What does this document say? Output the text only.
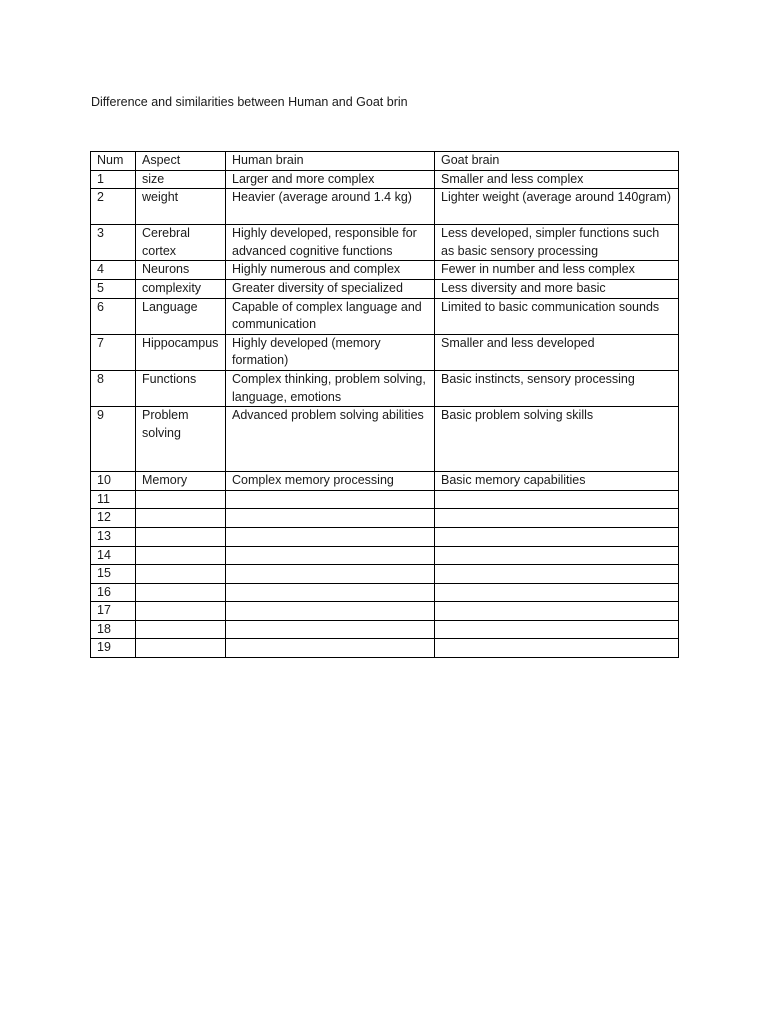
Difference and similarities between Human and Goat brin
Num	Aspect	Human brain	Goat brain
1	size	Larger and more complex	Smaller and less complex
2	weight	Heavier (average around 1.4 kg)	Lighter weight (average around 140gram)
3	Cerebral cortex	Highly developed, responsible for advanced cognitive functions	Less developed, simpler functions such as basic sensory processing
4	Neurons	Highly numerous and complex	Fewer in number and less complex
5	complexity	Greater diversity of specialized	Less diversity and more basic
6	Language	Capable of complex language and communication	Limited to basic communication sounds
7	Hippocampus	Highly developed (memory formation)	Smaller and less developed
8	Functions	Complex thinking, problem solving, language, emotions	Basic instincts, sensory processing
9	Problem solving	Advanced problem solving abilities	Basic problem solving skills
10	Memory	Complex memory processing	Basic memory capabilities
11			
12			
13			
14			
15			
16			
17			
18			
19			
